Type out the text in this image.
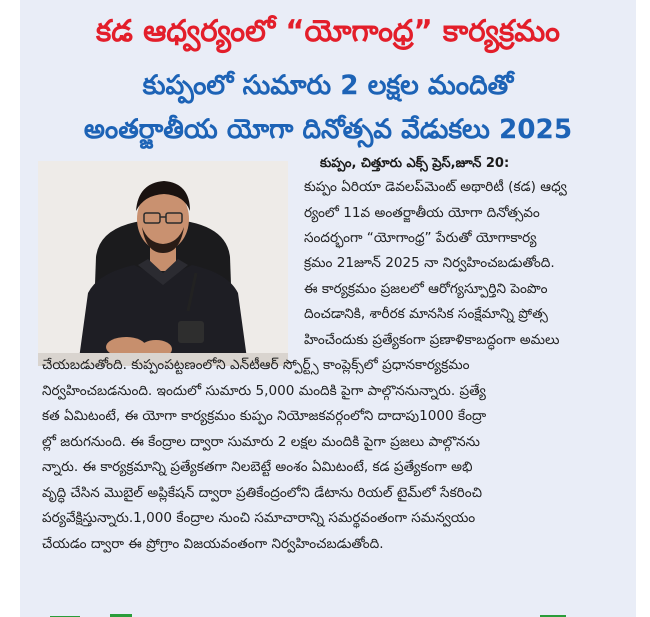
కడ ఆధ్వర్యంలో “యోగాంధ్ర” కార్యక్రమం
కుప్పంలో సుమారు 2 లక్షల మందితో
అంతర్జాతీయ యోగా దినోత్సవ వేడుకలు 2025
కుప్పం, చిత్తూరు ఎక్స్ ప్రెస్,జూన్ 20:
కుప్పం ఏరియా డెవలప్‌మెంట్ అథారిటీ (కడ) ఆధ్వ
ర్యంలో 11వ అంతర్జాతీయ యోగా దినోత్సవం
సందర్భంగా “యోగాంధ్ర” పేరుతో యోగాకార్య
క్రమం 21జూన్ 2025 నా నిర్వహించబడుతోంది.
ఈ కార్యక్రమం ప్రజలలో ఆరోగ్యస్పూర్తిని పెంపొం
దించడానికి, శారీరక మానసిక సంక్షేమాన్ని ప్రోత్స
హించేందుకు ప్రత్యేకంగా ప్రణాళికాబద్ధంగా అమలు
చేయబడుతోంది. కుప్పంపట్టణంలోని ఎన్‌టీఆర్ స్పోర్ట్స్ కాంప్లెక్స్‌లో ప్రధానకార్యక్రమం
నిర్వహించబడనుంది. ఇందులో సుమారు 5,000 మందికి పైగా పాల్గొననున్నారు. ప్రత్యే
కత ఏమిటంటే, ఈ యోగా కార్యక్రమం కుప్పం నియోజకవర్గంలోని దాదాపు1000 కేంద్రా
ల్లో జరుగనుంది. ఈ కేంద్రాల ద్వారా సుమారు 2 లక్షల మందికి పైగా ప్రజలు పాల్గొనను
న్నారు. ఈ కార్యక్రమాన్ని ప్రత్యేకతగా నిలబెట్టే అంశం ఏమిటంటే, కడ ప్రత్యేకంగా అభి
వృద్ధి చేసిన మొబైల్ అప్లికేషన్ ద్వారా ప్రతికేంద్రంలోని డేటాను రియల్ టైమ్‌లో సేకరించి
పర్యవేక్షిస్తున్నారు.1,000 కేంద్రాల నుంచి సమాచారాన్ని సమర్థవంతంగా సమన్వయం
చేయడం ద్వారా ఈ ప్రోగ్రాం విజయవంతంగా నిర్వహించబడుతోంది.
